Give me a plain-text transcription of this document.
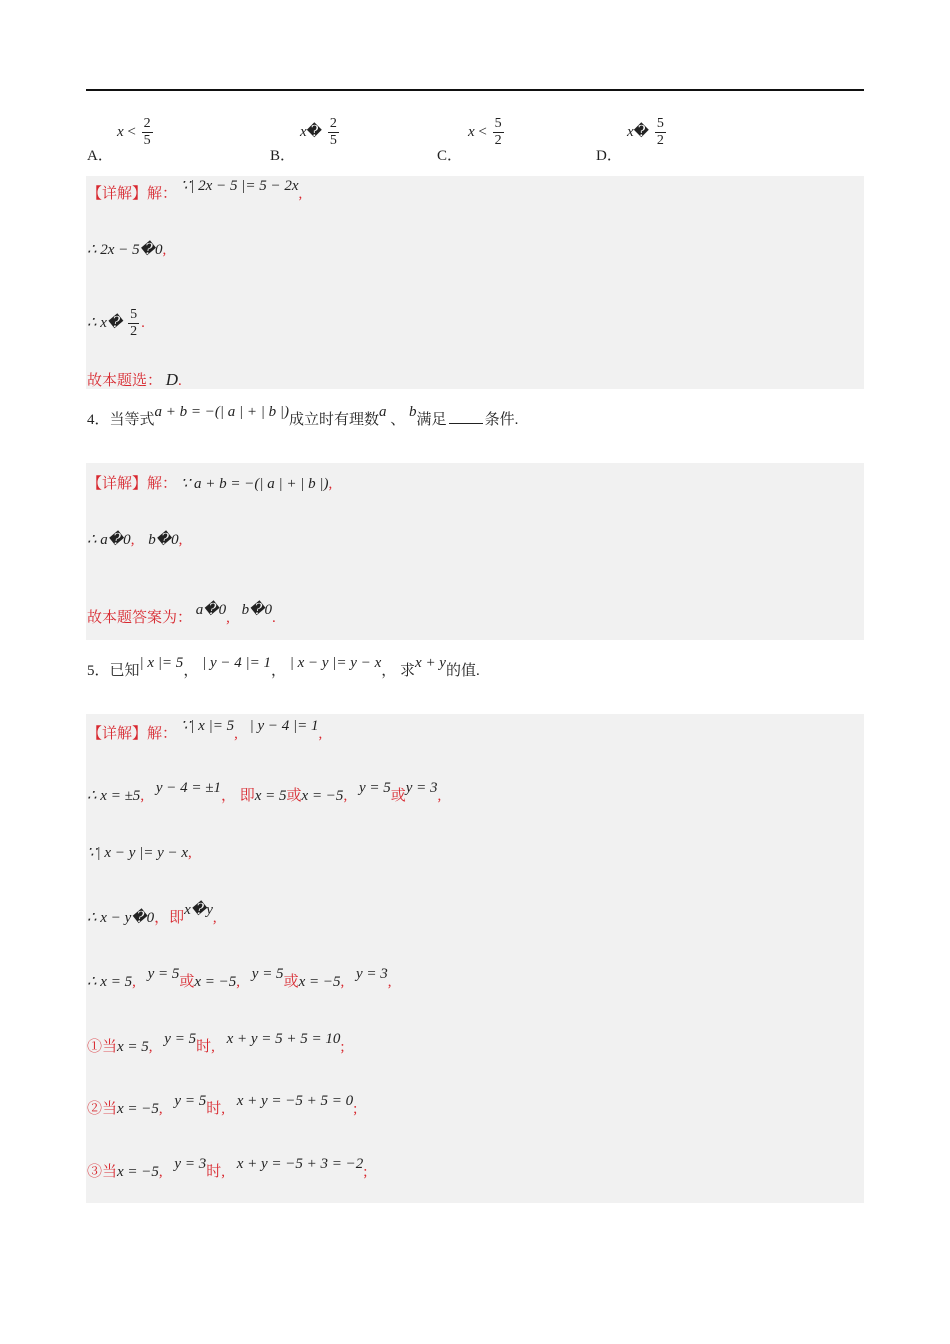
A．
$x < \frac{2}{5}$
B．
x� $\frac{2}{5}$
C．
$x < \frac{5}{2}$
D．
x� $\frac{5}{2}$
【详解】解： ∵| 2x − 5 |= 5 − 2x,
∴ 2x − 5�0,
∴ x� $\frac{5}{2}$ .
故本题选： D.
4．当等式a + b = −(| a | + | b |)成立时有理数a 、 b满足	条件.
【详解】解： ∵ a + b = −(| a | + | b |),
∴ a�0, b�0,
故本题答案为： a�0, b�0.
5．已知| x |= 5， | y − 4 |= 1， | x − y |= y − x， 求x + y的值.
【详解】解： ∵| x |= 5, | y − 4 |= 1,
∴ x = ±5, y − 4 = ±1， 即x = 5或x = −5, y = 5或y = 3,
∵| x − y |= y − x,
∴ x − y�0，即x�y,
∴ x = 5, y = 5或x = −5, y = 5或x = −5, y = 3,
①当x = 5, y = 5时, x + y = 5 + 5 = 10;
②当x = −5, y = 5时, x + y = −5 + 5 = 0;
③当x = −5, y = 3时, x + y = −5 + 3 = −2;
